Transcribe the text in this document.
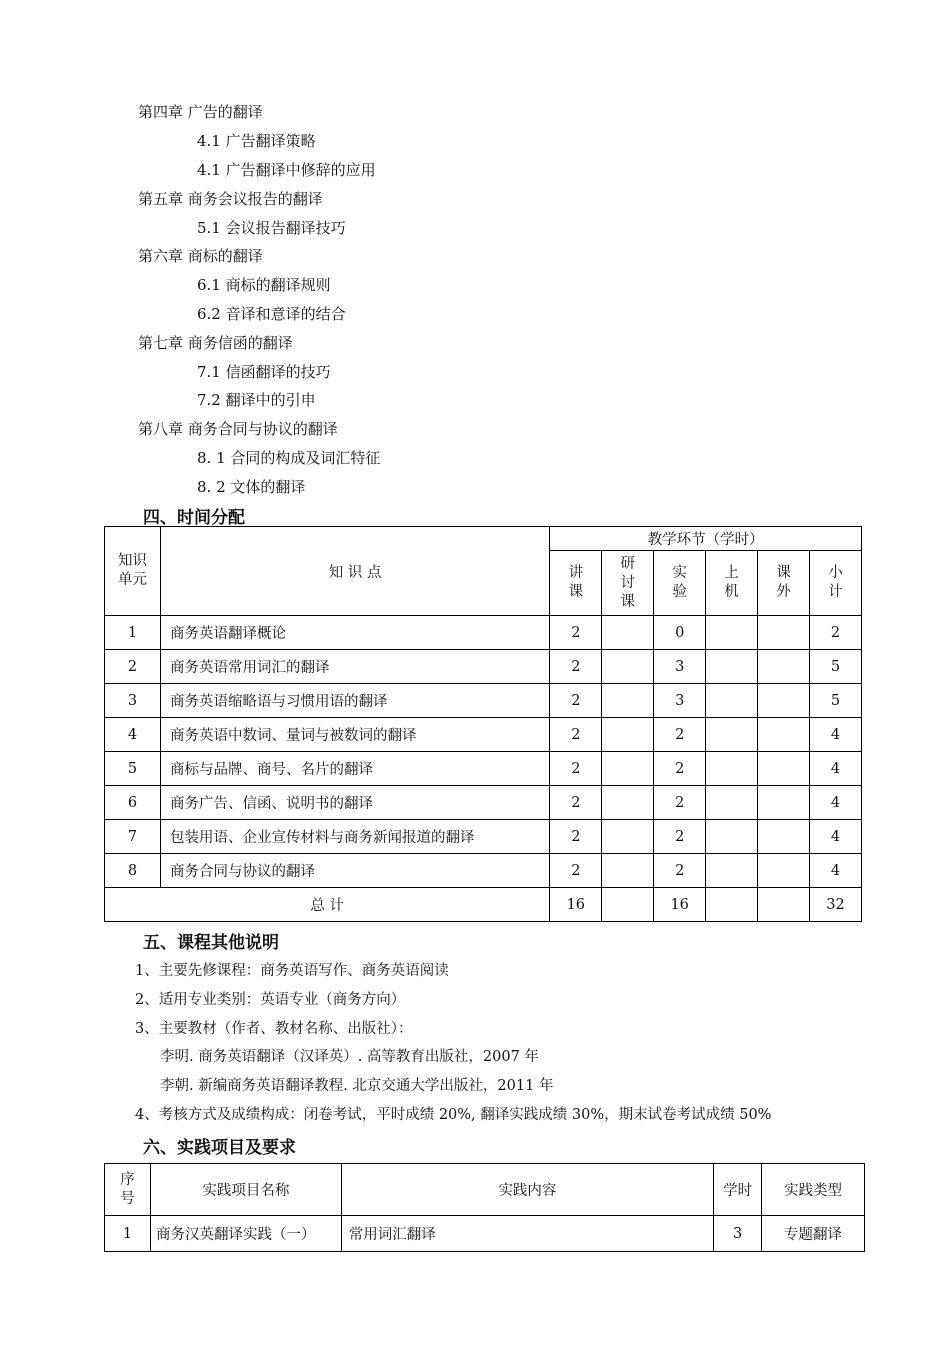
第四章 广告的翻译
4.1 广告翻译策略
4.1 广告翻译中修辞的应用
第五章 商务会议报告的翻译
5.1 会议报告翻译技巧
第六章 商标的翻译
6.1 商标的翻译规则
6.2 音译和意译的结合
第七章 商务信函的翻译
7.1 信函翻译的技巧
7.2 翻译中的引申
第八章 商务合同与协议的翻译
8. 1 合同的构成及词汇特征
8. 2 文体的翻译
四、时间分配
知识单元	知 识 点	教学环节（学时）					
		讲课	研讨课	实验	上机	课外	小计
1	商务英语翻译概论	2		0			2
2	商务英语常用词汇的翻译	2		3			5
3	商务英语缩略语与习惯用语的翻译	2		3			5
4	商务英语中数词、量词与被数词的翻译	2		2			4
5	商标与品牌、商号、名片的翻译	2		2			4
6	商务广告、信函、说明书的翻译	2		2			4
7	包装用语、企业宣传材料与商务新闻报道的翻译	2		2			4
8	商务合同与协议的翻译	2		2			4
总 计		16		16			32
五、课程其他说明
1、主要先修课程：商务英语写作、商务英语阅读
2、适用专业类别：英语专业（商务方向）
3、主要教材（作者、教材名称、出版社）：
李明. 商务英语翻译（汉译英）. 高等教育出版社，2007 年
李朝. 新编商务英语翻译教程. 北京交通大学出版社，2011 年
4、考核方式及成绩构成：闭卷考试，平时成绩 20%, 翻译实践成绩 30%，期末试卷考试成绩 50%
六、实践项目及要求
序号	实践项目名称	实践内容	学时	实践类型
1	商务汉英翻译实践（一）	常用词汇翻译	3	专题翻译
